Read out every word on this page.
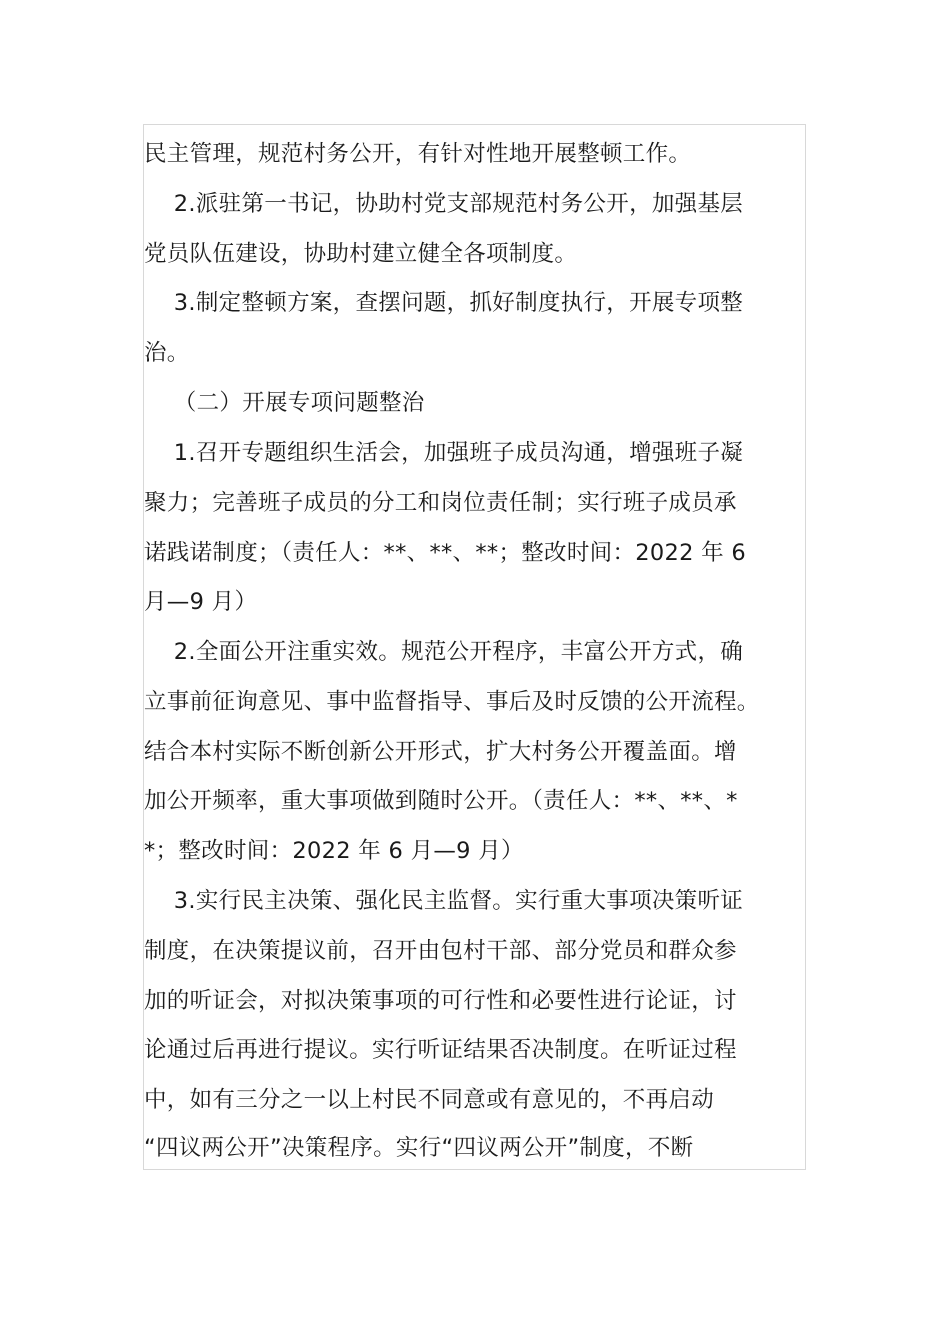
民主管理，规范村务公开，有针对性地开展整顿工作。
2.派驻第一书记，协助村党支部规范村务公开，加强基层
党员队伍建设，协助村建立健全各项制度。
3.制定整顿方案，查摆问题，抓好制度执行，开展专项整
治。
（二）开展专项问题整治
1.召开专题组织生活会，加强班子成员沟通，增强班子凝
聚力；完善班子成员的分工和岗位责任制；实行班子成员承
诺践诺制度；（责任人：**、**、**；整改时间：2022 年 6
月—9 月）
2.全面公开注重实效。规范公开程序，丰富公开方式，确
立事前征询意见、事中监督指导、事后及时反馈的公开流程。
结合本村实际不断创新公开形式，扩大村务公开覆盖面。增
加公开频率，重大事项做到随时公开。（责任人：**、**、*
*；整改时间：2022 年 6 月—9 月）
3.实行民主决策、强化民主监督。实行重大事项决策听证
制度，在决策提议前，召开由包村干部、部分党员和群众参
加的听证会，对拟决策事项的可行性和必要性进行论证，讨
论通过后再进行提议。实行听证结果否决制度。在听证过程
中，如有三分之一以上村民不同意或有意见的，不再启动
“四议两公开”决策程序。实行“四议两公开”制度，不断
